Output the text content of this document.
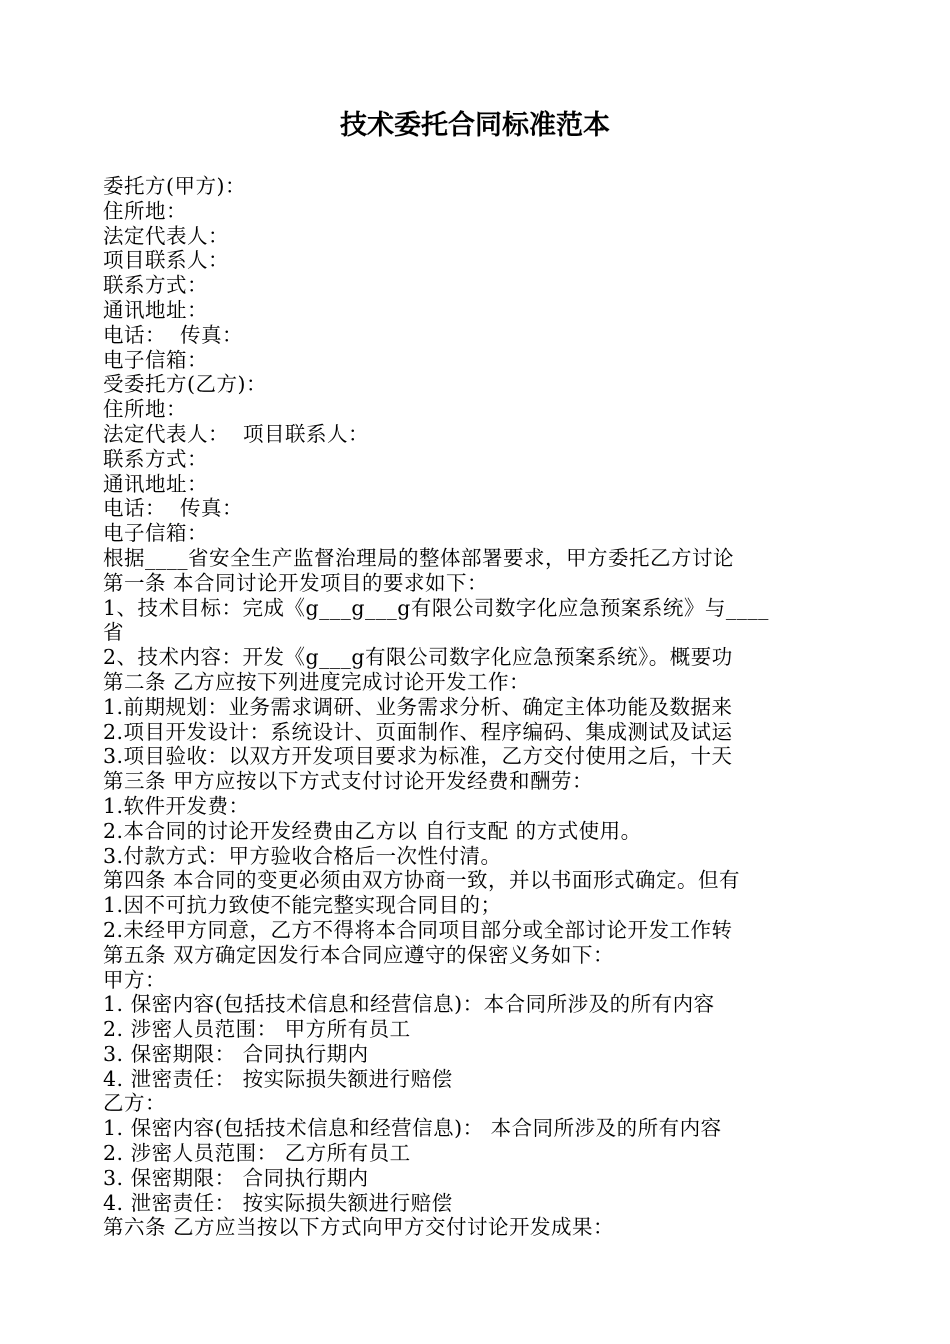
技术委托合同标准范本
委托方(甲方)：
住所地：
法定代表人：
项目联系人：
联系方式：
通讯地址：
电话：  传真：
电子信箱：
受委托方(乙方)：
住所地：
法定代表人：  项目联系人：
联系方式：
通讯地址：
电话：  传真：
电子信箱：
根据____省安全生产监督治理局的整体部署要求，甲方委托乙方讨论
第一条 本合同讨论开发项目的要求如下：
1、技术目标：完成《g___g___g有限公司数字化应急预案系统》与____
省
2、技术内容：开发《g___g有限公司数字化应急预案系统》。概要功
第二条 乙方应按下列进度完成讨论开发工作：
1.前期规划：业务需求调研、业务需求分析、确定主体功能及数据来
2.项目开发设计：系统设计、页面制作、程序编码、集成测试及试运
3.项目验收：以双方开发项目要求为标准，乙方交付使用之后，十天
第三条 甲方应按以下方式支付讨论开发经费和酬劳：
1.软件开发费：
2.本合同的讨论开发经费由乙方以 自行支配 的方式使用。
3.付款方式：甲方验收合格后一次性付清。
第四条 本合同的变更必须由双方协商一致，并以书面形式确定。但有
1.因不可抗力致使不能完整实现合同目的；
2.未经甲方同意，乙方不得将本合同项目部分或全部讨论开发工作转
第五条 双方确定因发行本合同应遵守的保密义务如下：
甲方：
1. 保密内容(包括技术信息和经营信息)：本合同所涉及的所有内容
2. 涉密人员范围： 甲方所有员工
3. 保密期限： 合同执行期内
4. 泄密责任： 按实际损失额进行赔偿
乙方：
1. 保密内容(包括技术信息和经营信息)： 本合同所涉及的所有内容
2. 涉密人员范围： 乙方所有员工
3. 保密期限： 合同执行期内
4. 泄密责任： 按实际损失额进行赔偿
第六条 乙方应当按以下方式向甲方交付讨论开发成果：
